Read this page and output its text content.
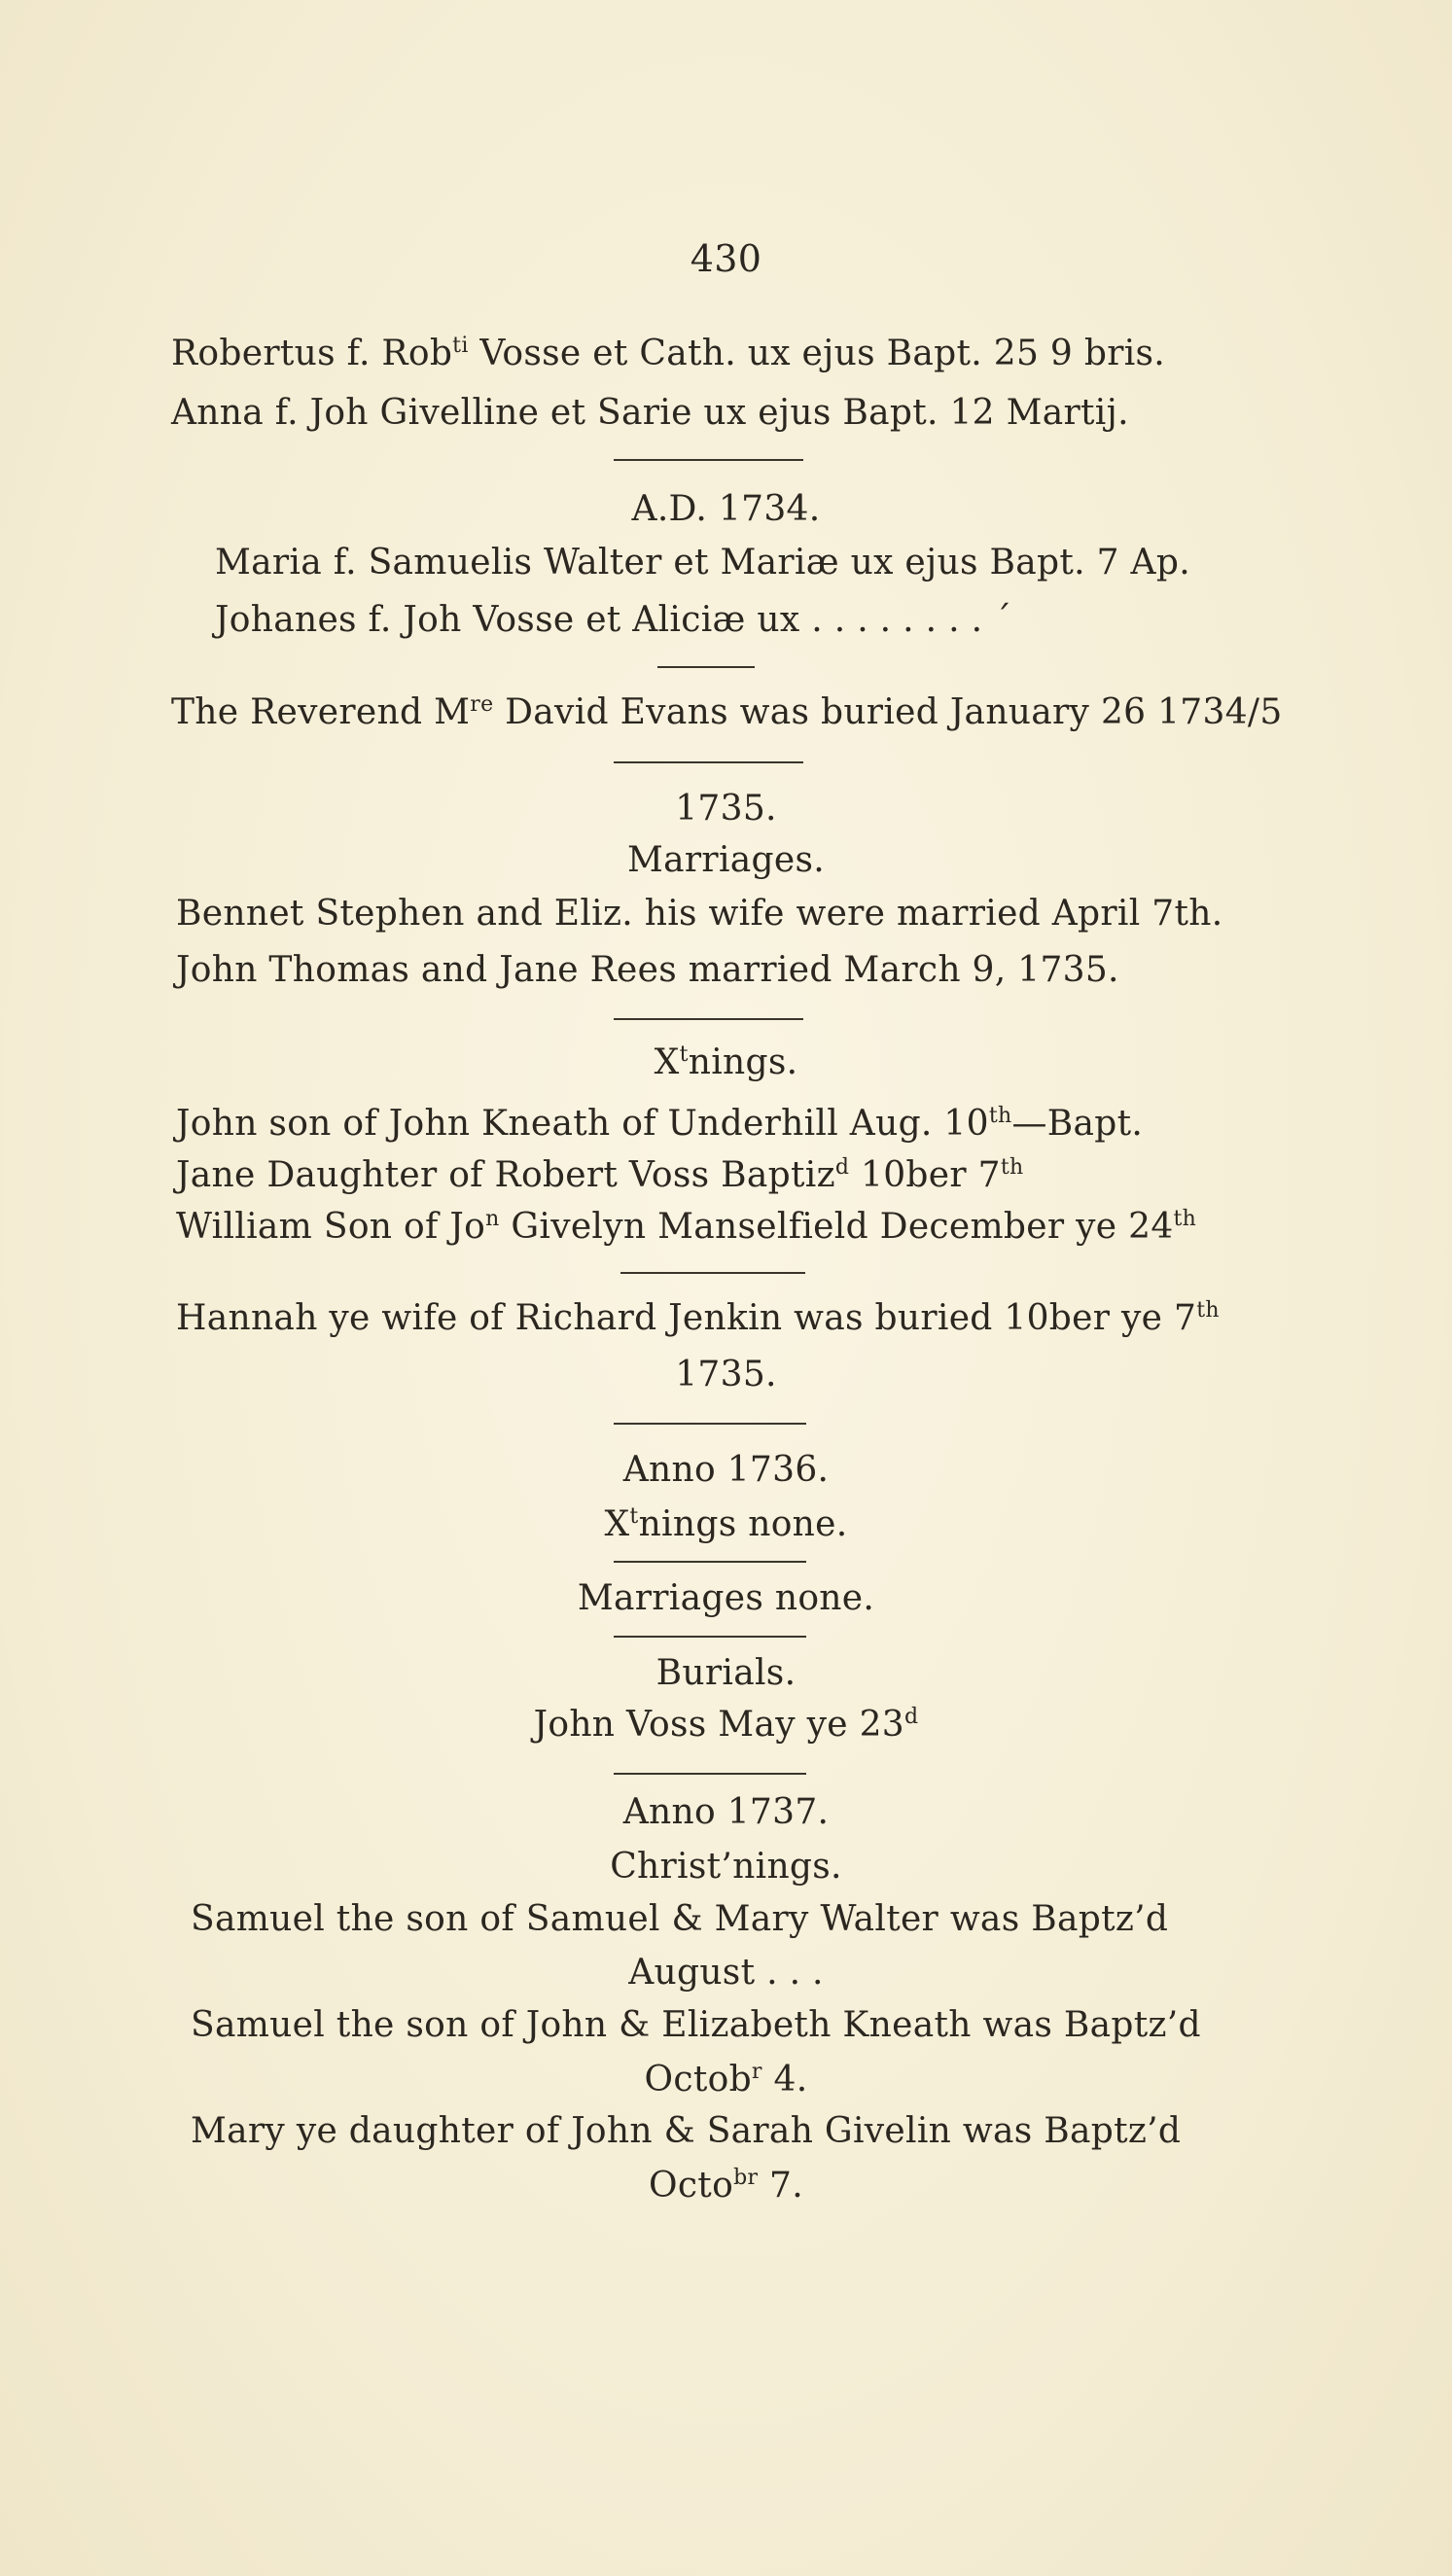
430
Robertus f. Rob$^{ti}$ Vosse et Cath. ux ejus Bapt. 25 9 bris.
Anna f. Joh Givelline et Sarie ux ejus Bapt. 12 Martij.
A.D. 1734.
Maria f. Samuelis Walter et Mariæ ux ejus Bapt. 7 Ap.
Johanes f. Joh Vosse et Aliciæ ux . . . . . . . . ´
The Reverend Mre David Evans was buried January 26 1734/5
1735.
Marriages.
Bennet Stephen and Eliz. his wife were married April 7th.
John Thomas and Jane Rees married March 9, 1735.
$X^tnings$.
John son of John Kneath of Underhill Aug. 10th—Bapt.
Jane Daughter of Robert Voss Baptiz$^d$ 10ber 7th
William Son of Jo$^n$ Givelyn Manselfield December ye 24th
Hannah ye wife of Richard Jenkin was buried 10ber ye 7th
1735.
Anno 1736.
$X^tnings$ none.
Marriages none.
Burials.
John Voss May ye 23$^d$
Anno 1737.
Christ’nings.
Samuel the son of Samuel & Mary Walter was Baptz’d
August . . .
Samuel the son of John & Elizabeth Kneath was Baptz’d
Octob$^r$ 4.
Mary ye daughter of John & Sarah Givelin was Baptz’d
Octo$^{br}$ 7.
